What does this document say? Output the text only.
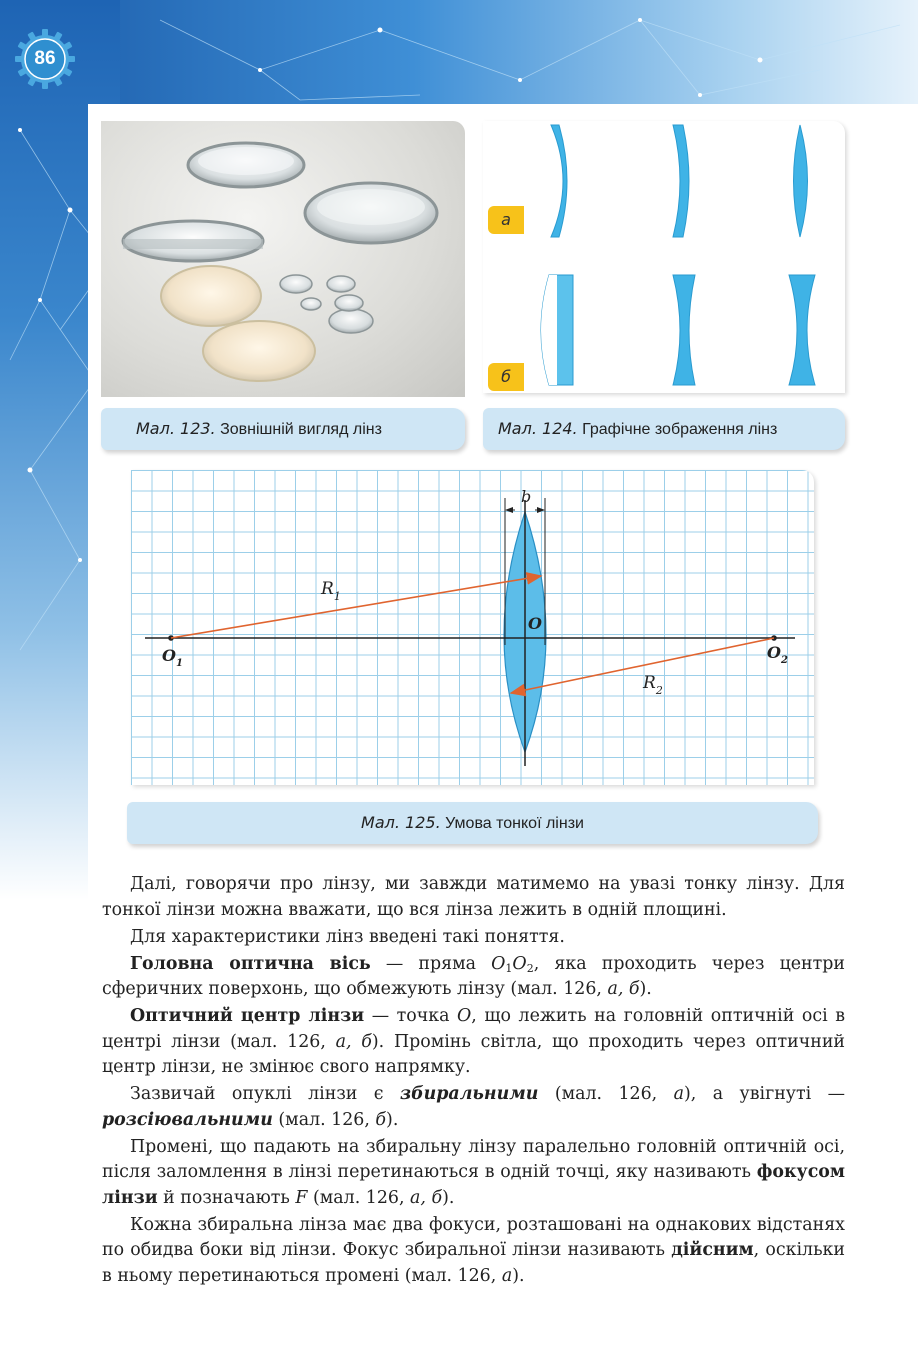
86
а
б
Мал. 123. Зовнішній вигляд лінз	Мал. 124. Графічне зображення лінз
b
$R_1$
$R_2$
O
$O_1$
$O_2$
Мал. 125. Умова тонкої лінзи

Далі, говорячи про лінзу, ми завжди матимемо на увазі тонку лінзу. Для тонкої лінзи можна вважати, що вся лінза лежить в одній площині.

Для характеристики лінз введені такі поняття.

Головна оптична вісь — пряма $O_1O_2$, яка проходить через центри сферичних поверхонь, що обмежують лінзу (мал. 126, а, б).

Оптичний центр лінзи — точка O, що лежить на головній оптичній осі в центрі лінзи (мал. 126, а, б). Промінь світла, що проходить через оптичний центр лінзи, не змінює свого напрямку.

Зазвичай опуклі лінзи є збиральними (мал. 126, а), а увігнуті — розсіювальними (мал. 126, б).

Промені, що падають на збиральну лінзу паралельно головній оптичній осі, після заломлення в лінзі перетинаються в одній точці, яку називають фокусом лінзи й позначають F (мал. 126, а, б).

Кожна збиральна лінза має два фокуси, розташовані на однакових відстанях по обидва боки від лінзи. Фокус збиральної лінзи називають дійсним, оскільки в ньому перетинаються промені (мал. 126, а).
